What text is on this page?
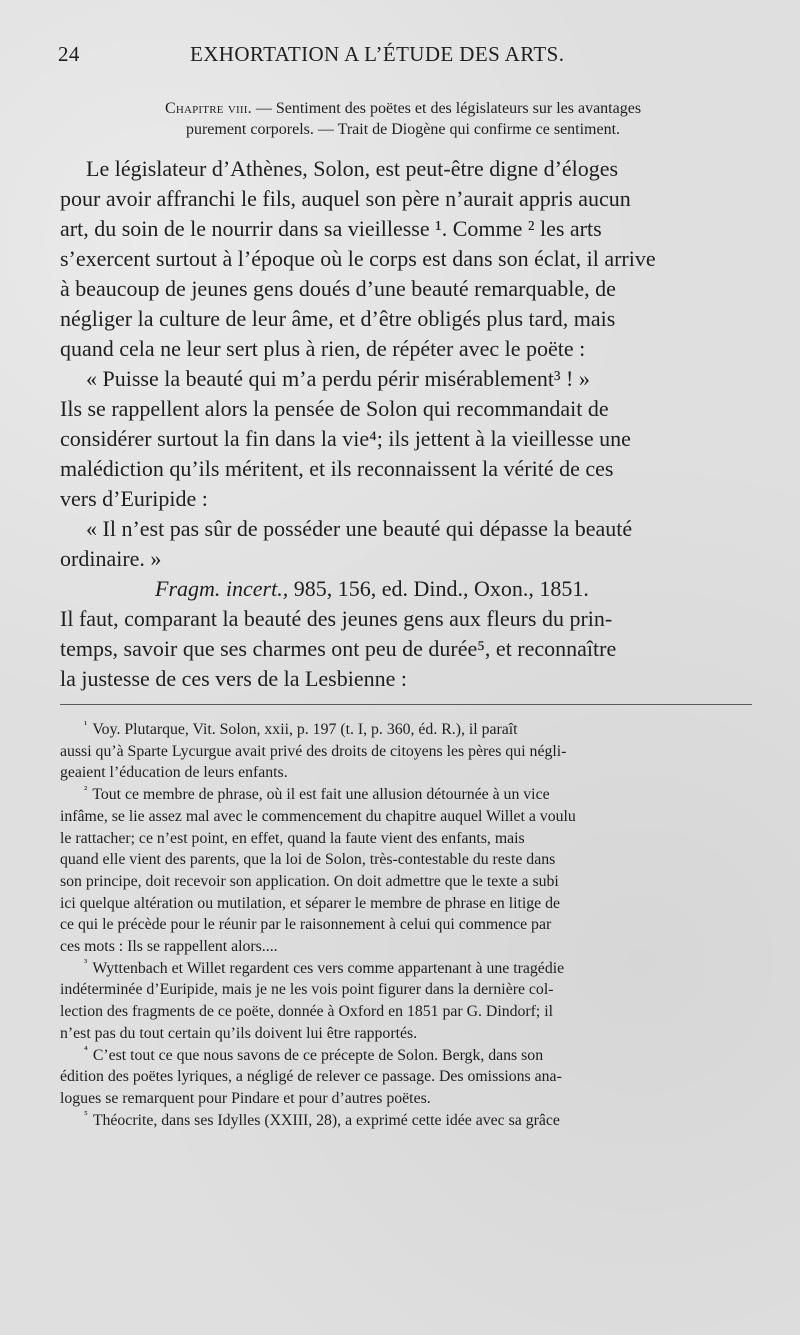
24	EXHORTATION A L’ÉTUDE DES ARTS.
Chapitre viii. — Sentiment des poëtes et des législateurs sur les avantages
purement corporels. — Trait de Diogène qui confirme ce sentiment.
Le législateur d’Athènes, Solon, est peut-être digne d’éloges
pour avoir affranchi le fils, auquel son père n’aurait appris aucun
art, du soin de le nourrir dans sa vieillesse ¹. Comme ² les arts
s’exercent surtout à l’époque où le corps est dans son éclat, il arrive
à beaucoup de jeunes gens doués d’une beauté remarquable, de
négliger la culture de leur âme, et d’être obligés plus tard, mais
quand cela ne leur sert plus à rien, de répéter avec le poëte :
« Puisse la beauté qui m’a perdu périr misérablement³ ! »
Ils se rappellent alors la pensée de Solon qui recommandait de
considérer surtout la fin dans la vie⁴; ils jettent à la vieillesse une
malédiction qu’ils méritent, et ils reconnaissent la vérité de ces
vers d’Euripide :
« Il n’est pas sûr de posséder une beauté qui dépasse la beauté
ordinaire. »
Fragm. incert., 985, 156, ed. Dind., Oxon., 1851.
Il faut, comparant la beauté des jeunes gens aux fleurs du prin-
temps, savoir que ses charmes ont peu de durée⁵, et reconnaître
la justesse de ces vers de la Lesbienne :
¹ Voy. Plutarque, Vit. Solon, xxii, p. 197 (t. I, p. 360, éd. R.), il paraît
aussi qu’à Sparte Lycurgue avait privé des droits de citoyens les pères qui négli-
geaient l’éducation de leurs enfants.
² Tout ce membre de phrase, où il est fait une allusion détournée à un vice
infâme, se lie assez mal avec le commencement du chapitre auquel Willet a voulu
le rattacher; ce n’est point, en effet, quand la faute vient des enfants, mais
quand elle vient des parents, que la loi de Solon, très-contestable du reste dans
son principe, doit recevoir son application. On doit admettre que le texte a subi
ici quelque altération ou mutilation, et séparer le membre de phrase en litige de
ce qui le précède pour le réunir par le raisonnement à celui qui commence par
ces mots : Ils se rappellent alors....
³ Wyttenbach et Willet regardent ces vers comme appartenant à une tragédie
indéterminée d’Euripide, mais je ne les vois point figurer dans la dernière col-
lection des fragments de ce poëte, donnée à Oxford en 1851 par G. Dindorf; il
n’est pas du tout certain qu’ils doivent lui être rapportés.
⁴ C’est tout ce que nous savons de ce précepte de Solon. Bergk, dans son
édition des poëtes lyriques, a négligé de relever ce passage. Des omissions ana-
logues se remarquent pour Pindare et pour d’autres poëtes.
⁵ Théocrite, dans ses Idylles (XXIII, 28), a exprimé cette idée avec sa grâce
